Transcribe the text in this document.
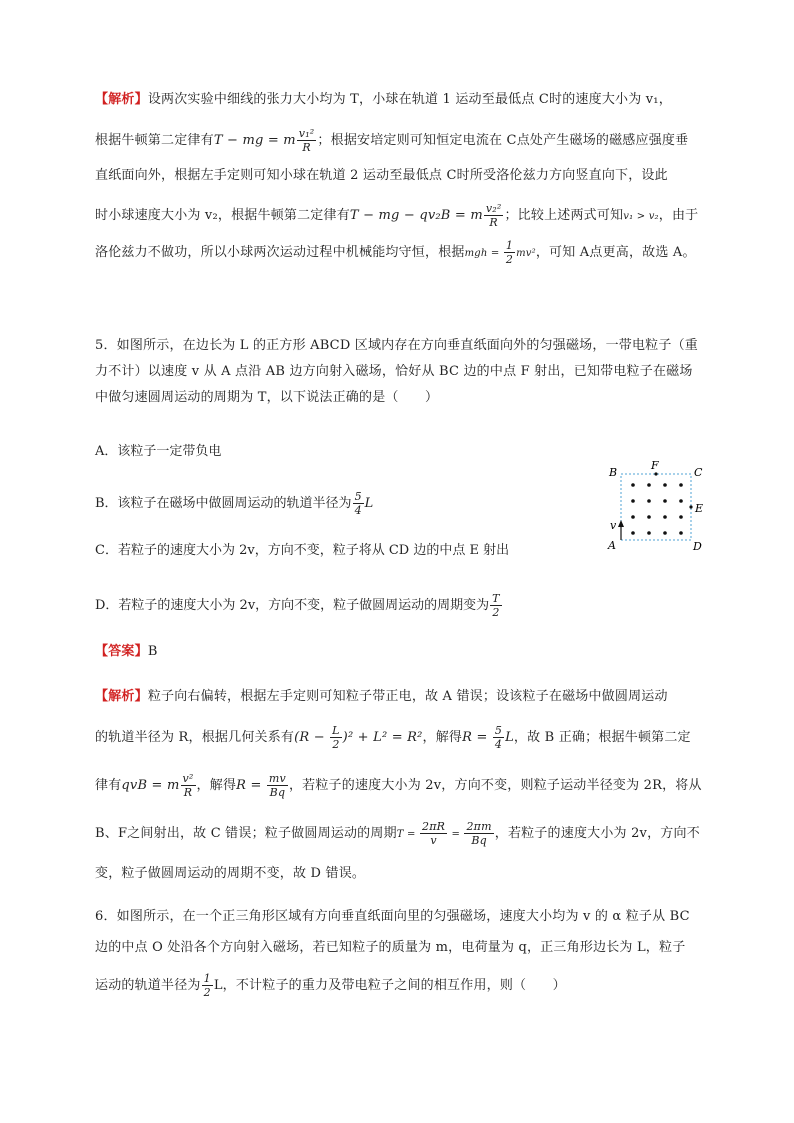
【解析】设两次实验中细线的张力大小均为 T，小球在轨道 1 运动至最低点 C时的速度大小为 v₁，
根据牛顿第二定律有T − mg = m $\frac{\text{v₁²}}{R}$ ；根据安培定则可知恒定电流在 C点处产生磁场的磁感应强度垂
直纸面向外，根据左手定则可知小球在轨道 2 运动至最低点 C时所受洛伦兹力方向竖直向下，设此
时小球速度大小为 v₂，根据牛顿第二定律有T − mg − qv₂B = m $\frac{\text{v₂²}}{R}$ ；比较上述两式可知v₁ > v₂，由于
洛伦兹力不做功，所以小球两次运动过程中机械能均守恒，根据mgh = $\frac{1}{2} mv^2$，可知 A点更高，故选 A。
5．如图所示，在边长为 L 的正方形 ABCD 区域内存在方向垂直纸面向外的匀强磁场，一带电粒子（重
力不计）以速度 v 从 A 点沿 AB 边方向射入磁场，恰好从 BC 边的中点 F 射出，已知带电粒子在磁场
中做匀速圆周运动的周期为 T，以下说法正确的是（　　）
A．该粒子一定带负电
B．该粒子在磁场中做圆周运动的轨道半径为 $\frac{5}{4}$ L
C．若粒子的速度大小为 2v，方向不变，粒子将从 CD 边的中点 E 射出
D．若粒子的速度大小为 2v，方向不变，粒子做圆周运动的周期变为 $\frac{T}{2}$
B
F
C
E
v
A	D
【答案】B
【解析】粒子向右偏转，根据左手定则可知粒子带正电，故 A 错误；设该粒子在磁场中做圆周运动
的轨道半径为 R，根据几何关系有$(R - \frac{L}{2} )^2 + L^2 = R^2$，解得$R = \frac{5}{4}$ L，故 B 正确；根据牛顿第二定
律有qvB = m $\frac{\text{v²}}{R}$ ，解得$R = \frac{mv}{Bq}$ ，若粒子的速度大小为 2v，方向不变，则粒子运动半径变为 2R，将从
B、F之间射出，故 C 错误；粒子做圆周运动的周期$T = \frac{2\pi R}{v} = \frac{2\pi m}{Bq}$ ，若粒子的速度大小为 2v，方向不
变，粒子做圆周运动的周期不变，故 D 错误。
6．如图所示，在一个正三角形区域有方向垂直纸面向里的匀强磁场，速度大小均为 v 的 α 粒子从 BC
边的中点 O 处沿各个方向射入磁场，若已知粒子的质量为 m，电荷量为 q，正三角形边长为 L，粒子
运动的轨道半径为 $\frac{1}{2}$ L，不计粒子的重力及带电粒子之间的相互作用，则（　　）
